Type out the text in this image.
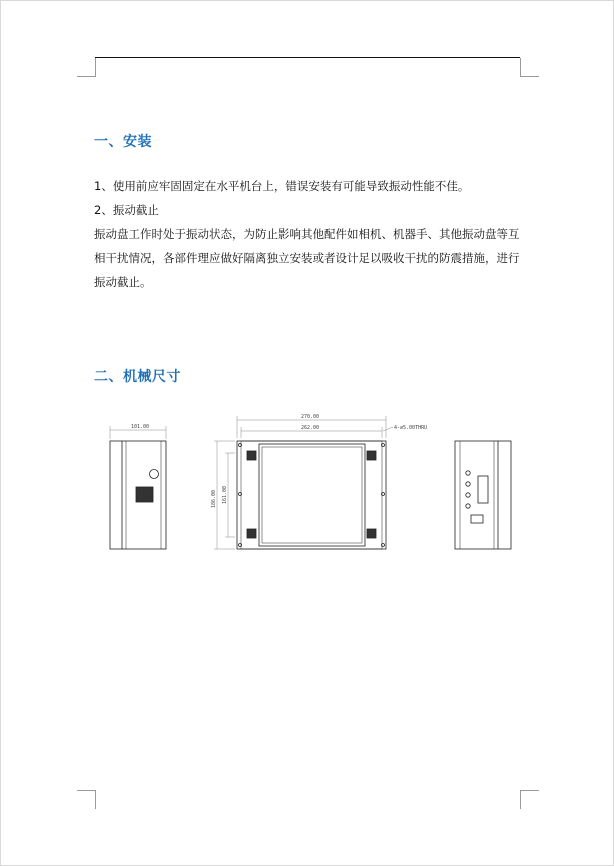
一、安装
1、使用前应牢固固定在水平机台上，错误安装有可能导致振动性能不佳。
2、振动截止
振动盘工作时处于振动状态，为防止影响其他配件如相机、机器手、其他振动盘等互相干扰情况，各部件理应做好隔离独立安装或者设计足以吸收干扰的防震措施，进行振动截止。
二、机械尺寸
101.00
270.00
262.00	4-∅5.00THRU
186.00 161.00
